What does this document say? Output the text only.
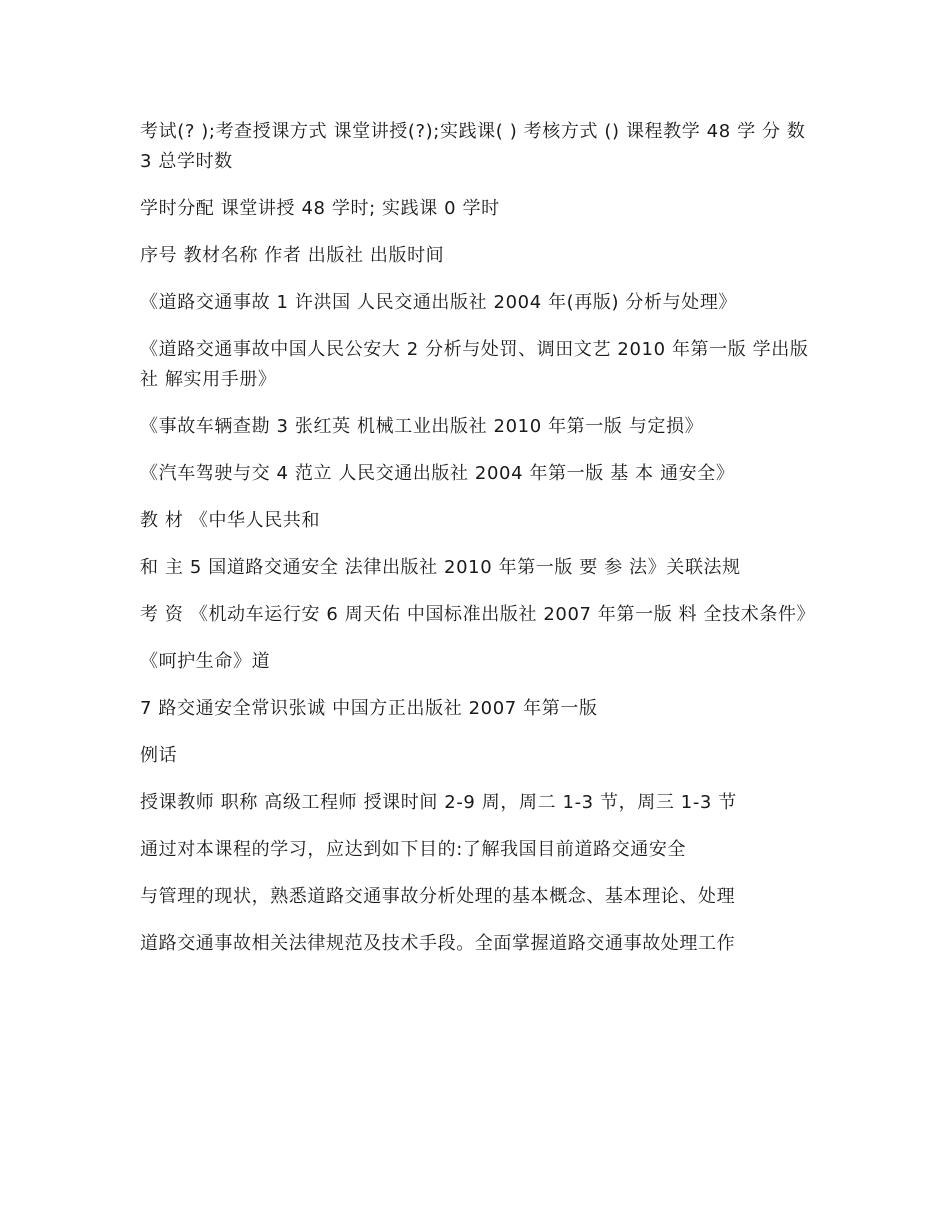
考试(? );考查授课方式 课堂讲授(?);实践课( ) 考核方式 () 课程教学 48 学 分 数 3 总学时数

学时分配 课堂讲授 48 学时; 实践课 0 学时

序号 教材名称 作者 出版社 出版时间

《道路交通事故 1 许洪国 人民交通出版社 2004 年(再版) 分析与处理》

《道路交通事故中国人民公安大 2 分析与处罚、调田文艺 2010 年第一版 学出版社 解实用手册》

《事故车辆查勘 3 张红英 机械工业出版社 2010 年第一版 与定损》

《汽车驾驶与交 4 范立 人民交通出版社 2004 年第一版 基 本 通安全》

教 材 《中华人民共和

和 主 5 国道路交通安全 法律出版社 2010 年第一版 要 参 法》关联法规

考 资 《机动车运行安 6 周天佑 中国标准出版社 2007 年第一版 料 全技术条件》

《呵护生命》道

7 路交通安全常识张诚 中国方正出版社 2007 年第一版

例话

授课教师 职称 高级工程师 授课时间 2-9 周，周二 1-3 节，周三 1-3 节

通过对本课程的学习，应达到如下目的:了解我国目前道路交通安全

与管理的现状，熟悉道路交通事故分析处理的基本概念、基本理论、处理

道路交通事故相关法律规范及技术手段。全面掌握道路交通事故处理工作
